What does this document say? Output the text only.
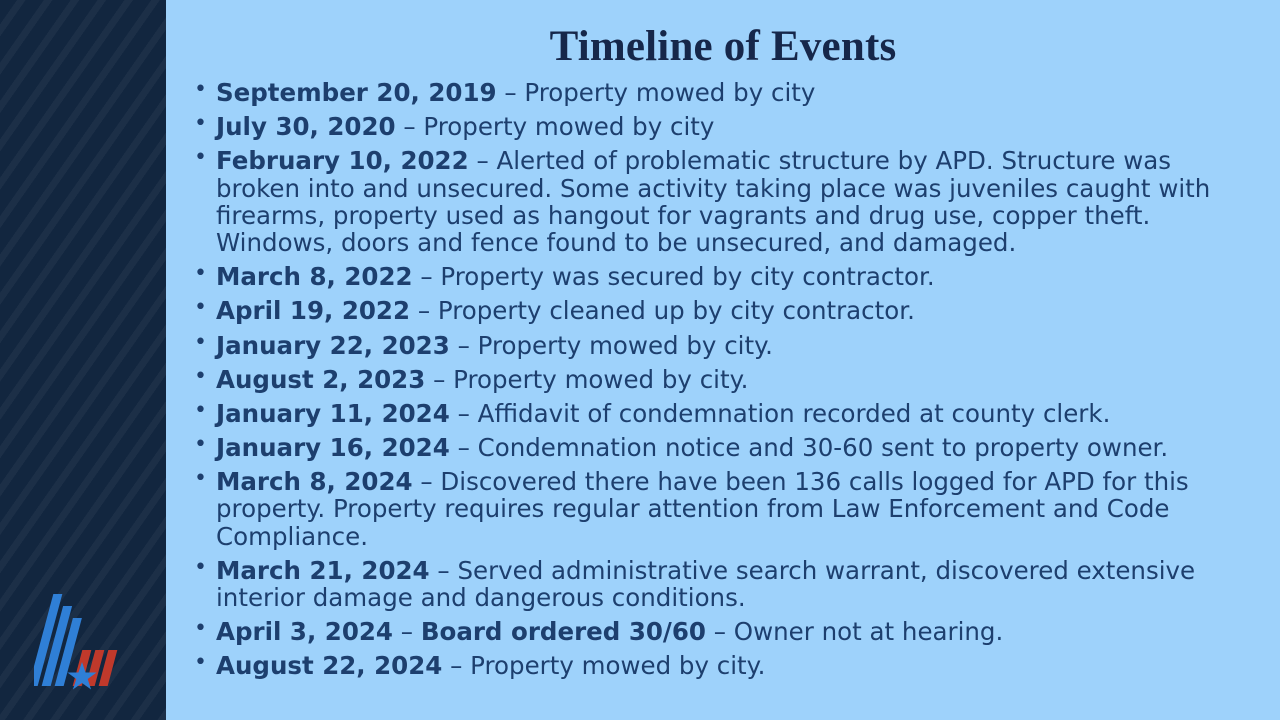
Timeline of Events
• September 20, 2019 – Property mowed by city
• July 30, 2020 – Property mowed by city
• February 10, 2022 – Alerted of problematic structure by APD. Structure was broken into and unsecured. Some activity taking place was juveniles caught with firearms, property used as hangout for vagrants and drug use, copper theft. Windows, doors and fence found to be unsecured, and damaged.
• March 8, 2022 – Property was secured by city contractor.
• April 19, 2022 – Property cleaned up by city contractor.
• January 22, 2023 – Property mowed by city.
• August 2, 2023 – Property mowed by city.
• January 11, 2024 – Affidavit of condemnation recorded at county clerk.
• January 16, 2024 – Condemnation notice and 30-60 sent to property owner.
• March 8, 2024 – Discovered there have been 136 calls logged for APD for this property. Property requires regular attention from Law Enforcement and Code Compliance.
• March 21, 2024 – Served administrative search warrant, discovered extensive interior damage and dangerous conditions.
• April 3, 2024 – Board ordered 30/60 – Owner not at hearing.
• August 22, 2024 – Property mowed by city.
